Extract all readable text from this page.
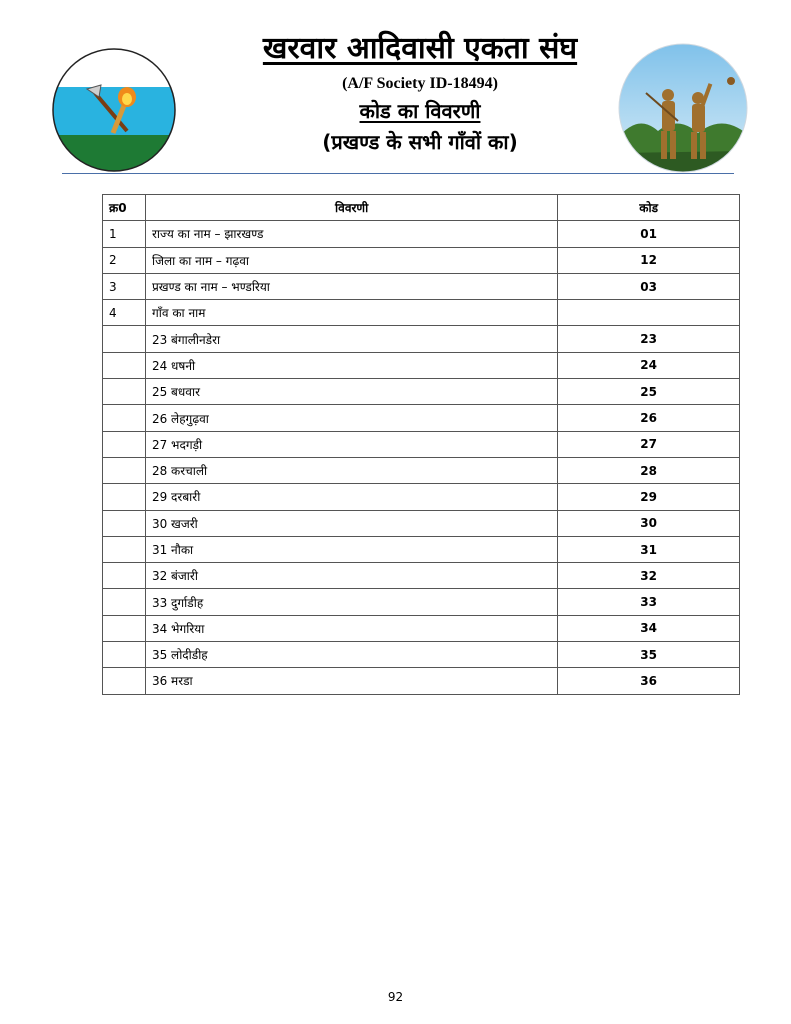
खरवार आदिवासी एकता संघ
(A/F Society ID-18494)
कोड का विवरणी
(प्रखण्ड के सभी गाँवों का)
क्र0	विवरणी	कोड
1	राज्य का नाम – झारखण्ड	01
2	जिला का नाम – गढ़वा	12
3	प्रखण्ड का नाम – भण्डरिया	03
4	गाँव का नाम	
	23 बंगालीनडेरा	23
	24 धषनी	24
	25 बधवार	25
	26 लेहगुढ़वा	26
	27 भदगड़ी	27
	28 करचाली	28
	29 दरबारी	29
	30 खजरी	30
	31 नौका	31
	32 बंजारी	32
	33 दुर्गाडीह	33
	34 भेगरिया	34
	35 लोदीडीह	35
	36 मरडा	36
92
